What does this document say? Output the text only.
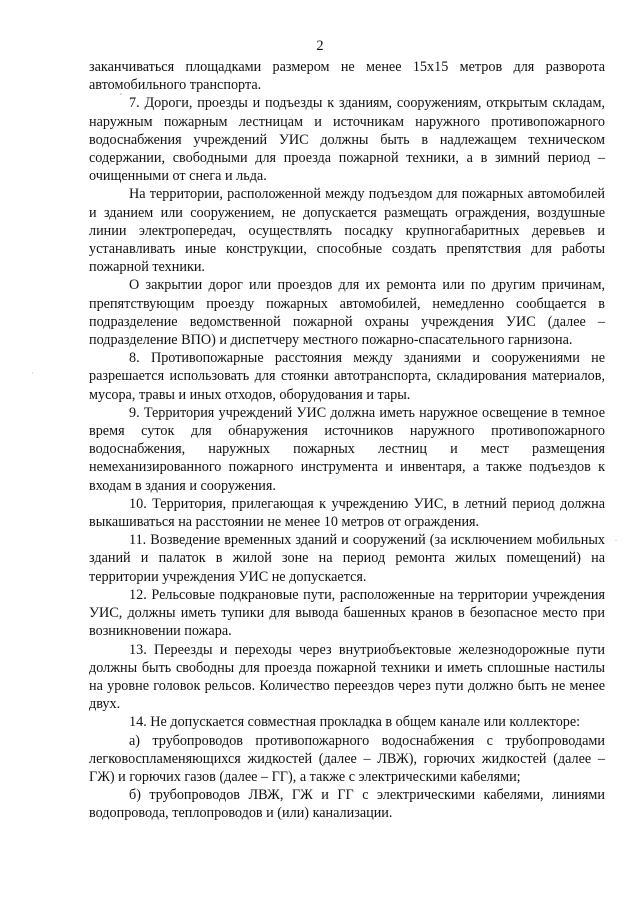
2

заканчиваться площадками размером не менее 15x15 метров для разворота автомобильного транспорта.

7. Дороги, проезды и подъезды к зданиям, сооружениям, открытым складам, наружным пожарным лестницам и источникам наружного противопожарного водоснабжения учреждений УИС должны быть в надлежащем техническом содержании, свободными для проезда пожарной техники, а в зимний период – очищенными от снега и льда.

На территории, расположенной между подъездом для пожарных автомобилей и зданием или сооружением, не допускается размещать ограждения, воздушные линии электропередач, осуществлять посадку крупногабаритных деревьев и устанавливать иные конструкции, способные создать препятствия для работы пожарной техники.

О закрытии дорог или проездов для их ремонта или по другим причинам, препятствующим проезду пожарных автомобилей, немедленно сообщается в подразделение ведомственной пожарной охраны учреждения УИС (далее – подразделение ВПО) и диспетчеру местного пожарно-спасательного гарнизона.

8. Противопожарные расстояния между зданиями и сооружениями не разрешается использовать для стоянки автотранспорта, складирования материалов, мусора, травы и иных отходов, оборудования и тары.

9. Территория учреждений УИС должна иметь наружное освещение в темное время суток для обнаружения источников наружного противопожарного водоснабжения, наружных пожарных лестниц и мест размещения немеханизированного пожарного инструмента и инвентаря, а также подъездов к входам в здания и сооружения.

10. Территория, прилегающая к учреждению УИС, в летний период должна выкашиваться на расстоянии не менее 10 метров от ограждения.

11. Возведение временных зданий и сооружений (за исключением мобильных зданий и палаток в жилой зоне на период ремонта жилых помещений) на территории учреждения УИС не допускается.

12. Рельсовые подкрановые пути, расположенные на территории учреждения УИС, должны иметь тупики для вывода башенных кранов в безопасное место при возникновении пожара.

13. Переезды и переходы через внутриобъектовые железнодорожные пути должны быть свободны для проезда пожарной техники и иметь сплошные настилы на уровне головок рельсов. Количество переездов через пути должно быть не менее двух.

14. Не допускается совместная прокладка в общем канале или коллекторе:

а) трубопроводов противопожарного водоснабжения с трубопроводами легковоспламеняющихся жидкостей (далее – ЛВЖ), горючих жидкостей (далее – ГЖ) и горючих газов (далее – ГГ), а также с электрическими кабелями;

б) трубопроводов ЛВЖ, ГЖ и ГГ с электрическими кабелями, линиями водопровода, теплопроводов и (или) канализации.
